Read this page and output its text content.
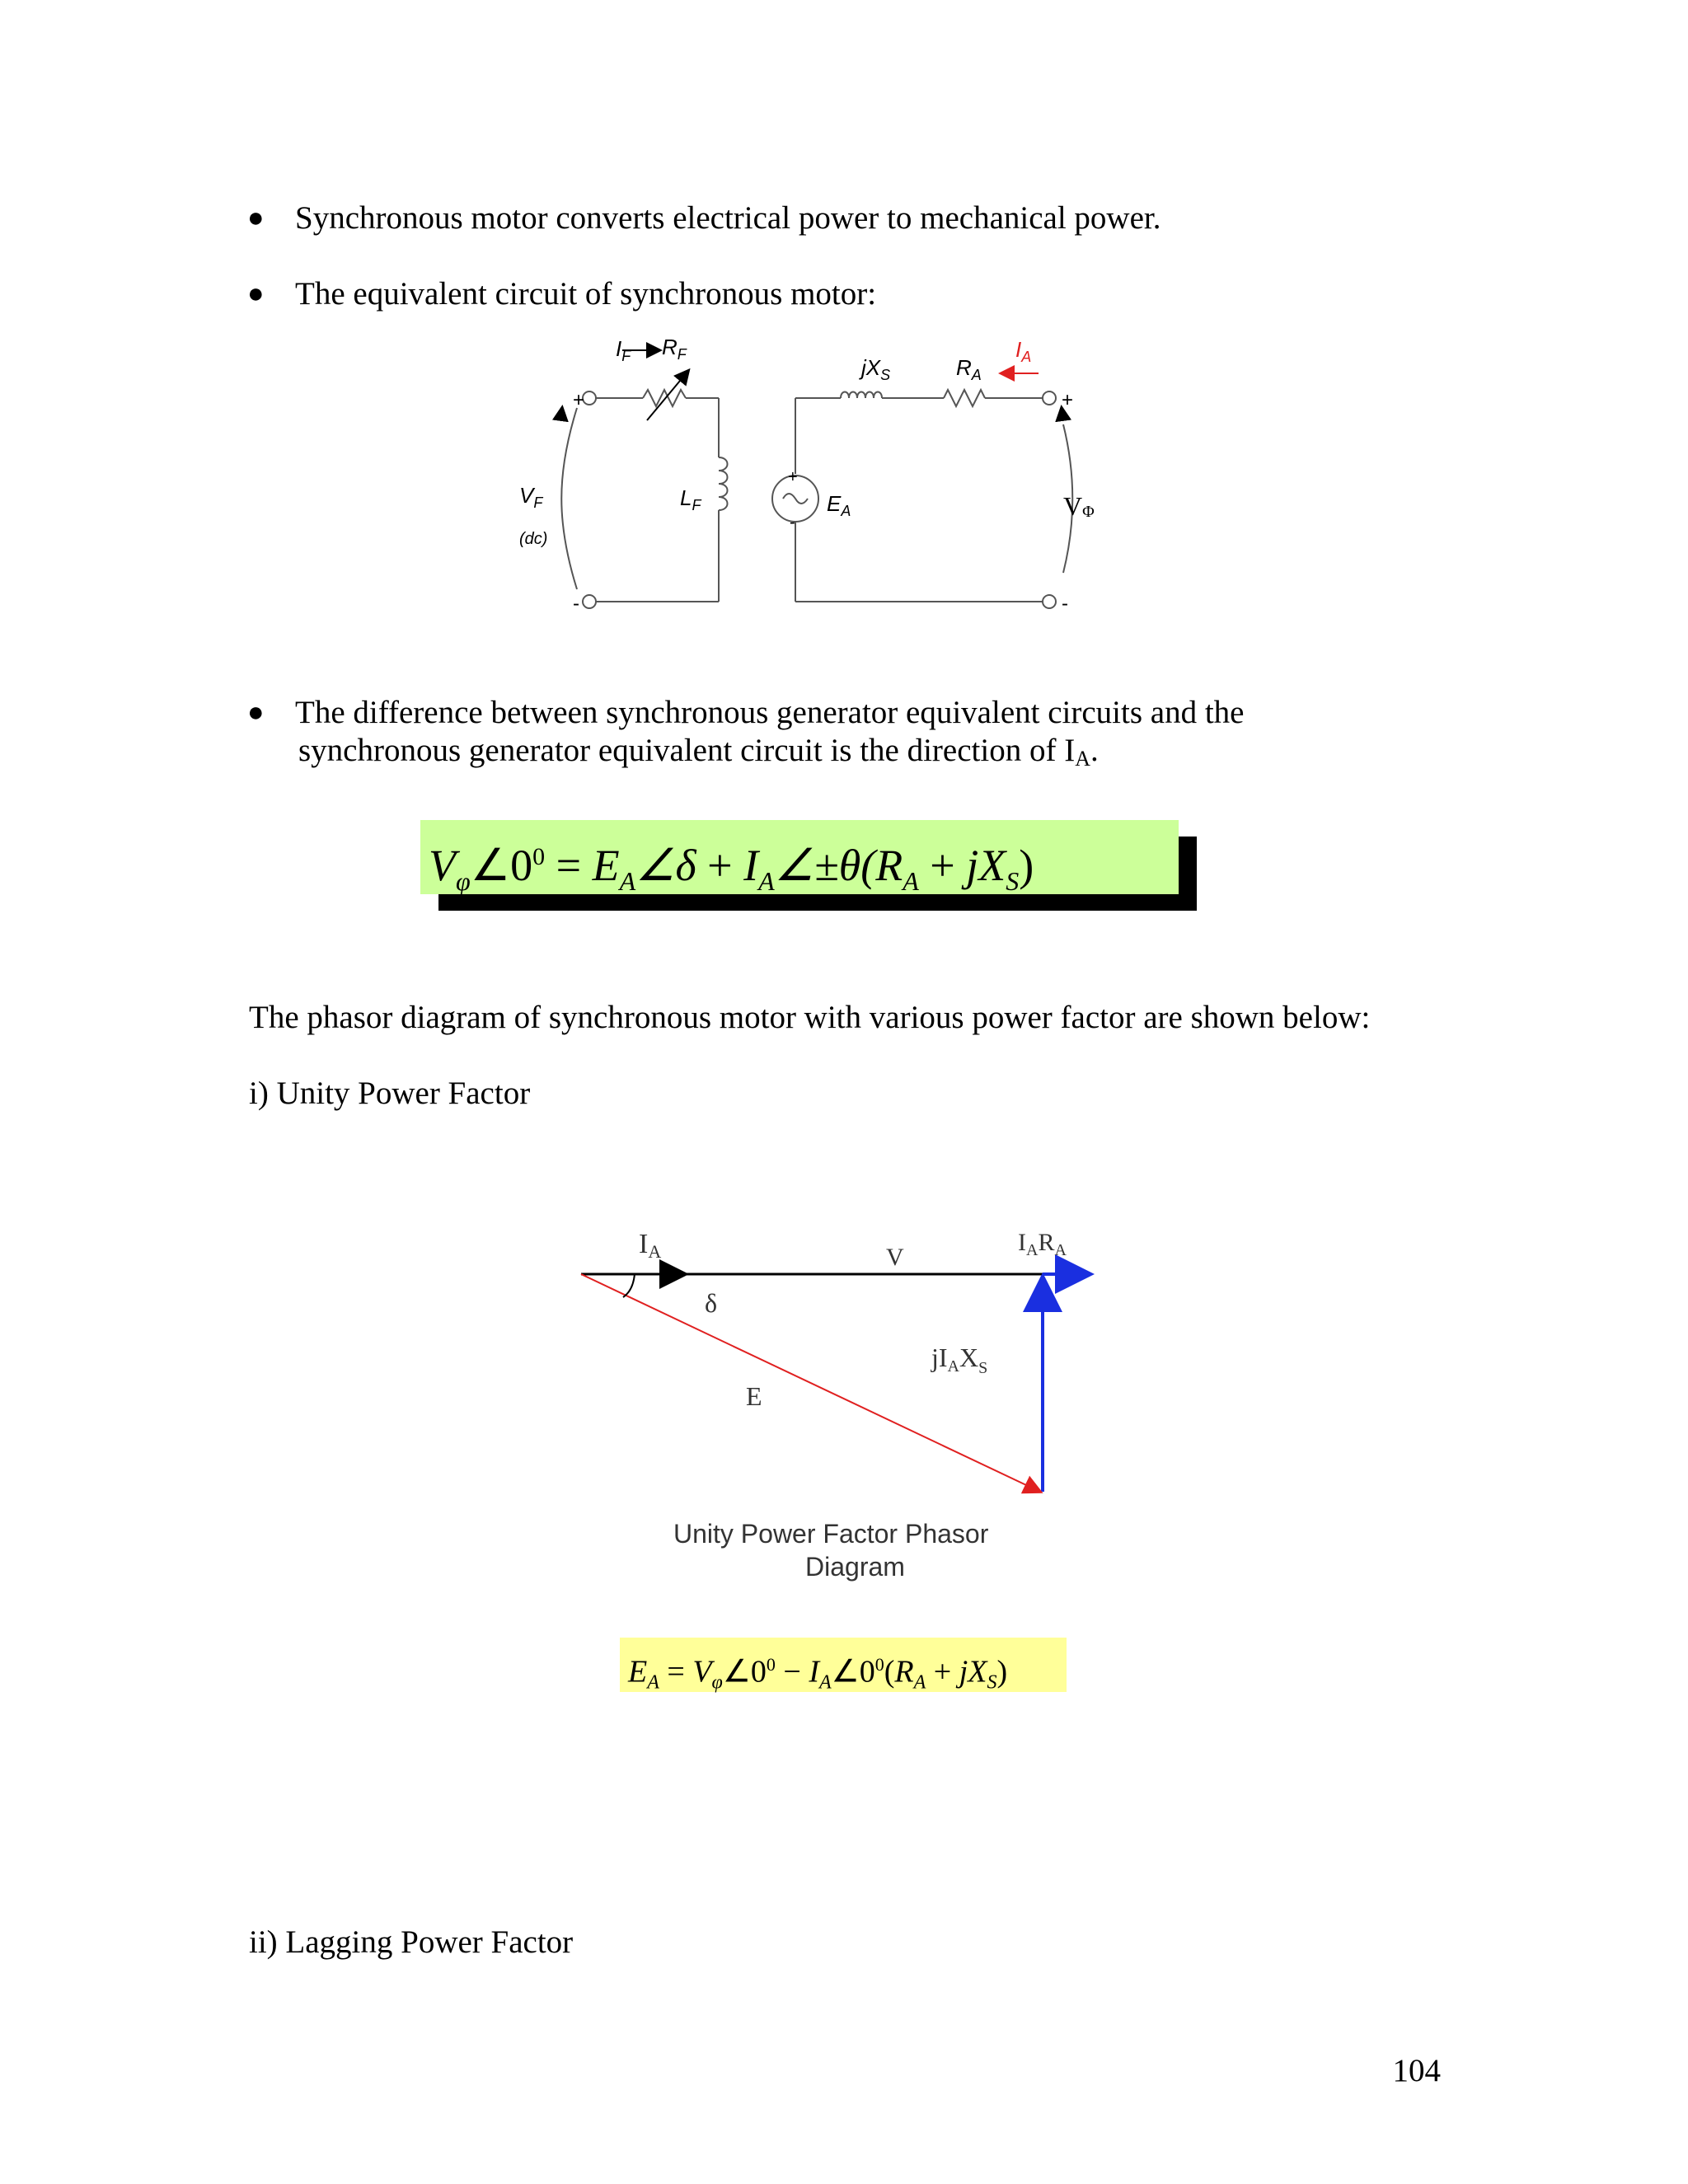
● Synchronous motor converts electrical power to mechanical power.
● The equivalent circuit of synchronous motor:
$I_F$ $R_F$
$L_F$
$V_F$
(dc)
+
-
+
-
$E_A$
$jX_S$	$R_A$
$I_A$
+
-
VΦ
● The difference between synchronous generator equivalent circuits and the
synchronous generator equivalent circuit is the direction of $I_A$.
$V_\varphi\angle 0^0$ = $E_A\angle\delta$ + $I_A\angle\pm\theta(R_A + jX_S)$
The phasor diagram of synchronous motor with various power factor are shown below:
i) Unity Power Factor
IA	V
$I_AR_A$
δ
jIAX$_S$
E
Unity Power Factor Phasor
Diagram
$E_A$ = $V_\varphi\angle 0^0$ − $I_A\angle 0^0(R_A + jX_S)$
ii) Lagging Power Factor
104
